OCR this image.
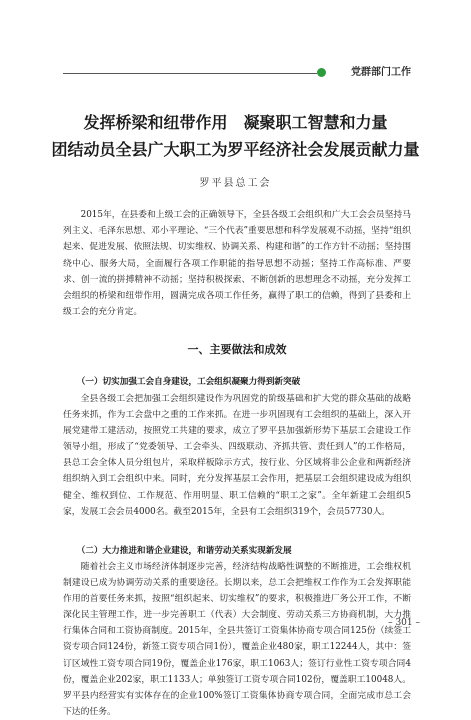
党群部门工作
发挥桥梁和纽带作用　凝聚职工智慧和力量
团结动员全县广大职工为罗平经济社会发展贡献力量
罗平县总工会

2015年，在县委和上级工会的正确领导下，全县各级工会组织和广大工会会员坚持马列主义、毛泽东思想、邓小平理论、“三个代表”重要思想和科学发展观不动摇，坚持“组织起来、促进发展、依照法规、切实维权、协调关系、构建和谐”的工作方针不动摇；坚持围绕中心、服务大局，全面履行各项工作职能的指导思想不动摇；坚持工作高标准、严要求、创一流的拼搏精神不动摇；坚持积极探索、不断创新的思想理念不动摇，充分发挥工会组织的桥梁和纽带作用，圆满完成各项工作任务，赢得了职工的信赖，得到了县委和上级工会的充分肯定。

一、主要做法和成效
（一）切实加强工会自身建设，工会组织凝聚力得到新突破

全县各级工会把加强工会组织建设作为巩固党的阶级基础和扩大党的群众基础的战略任务来抓，作为工会盘中之重的工作来抓。在进一步巩固现有工会组织的基础上，深入开展党建带工建活动，按照党工共建的要求，成立了罗平县加强新形势下基层工会建设工作领导小组，形成了“党委领导、工会牵头、四级联动、齐抓共管、责任到人”的工作格局，县总工会全体人员分组包片，采取样板除示方式，按行业、分区域将非公企业和两新经济组织纳入到工会组织中来。同时，充分发挥基层工会作用，把基层工会组织建设成为组织健全、维权到位、工作规范、作用明显、职工信赖的“职工之家”。全年新建工会组织5家，发展工会会员4000名。截至2015年，全县有工会组织319个，会员57730人。

（二）大力推进和谐企业建设，和谐劳动关系实现新发展

随着社会主义市场经济体制逐步完善，经济结构战略性调整的不断推进，工会维权机制建设已成为协调劳动关系的重要途径。长期以来，总工会把维权工作作为工会发挥职能作用的首要任务来抓，按照“组织起来、切实维权”的要求，积极推进厂务公开工作，不断深化民主管理工作，进一步完善职工（代表）大会制度、劳动关系三方协商机制，大力推行集体合同和工资协商制度。2015年，全县共签订工资集体协商专项合同125份（续签工资专项合同124份，新签工资专项合同1份），覆盖企业480家，职工12244人，其中：签订区域性工资专项合同19份，覆盖企业176家，职工1063人；签订行业性工资专项合同4份，覆盖企业202家，职工1133人；单独签订工资专项合同102份，覆盖职工10048人。罗平县内经营实有实体存在的企业100%签订工资集体协商专项合同，全面完成市总工会下达的任务。

– 301 –
